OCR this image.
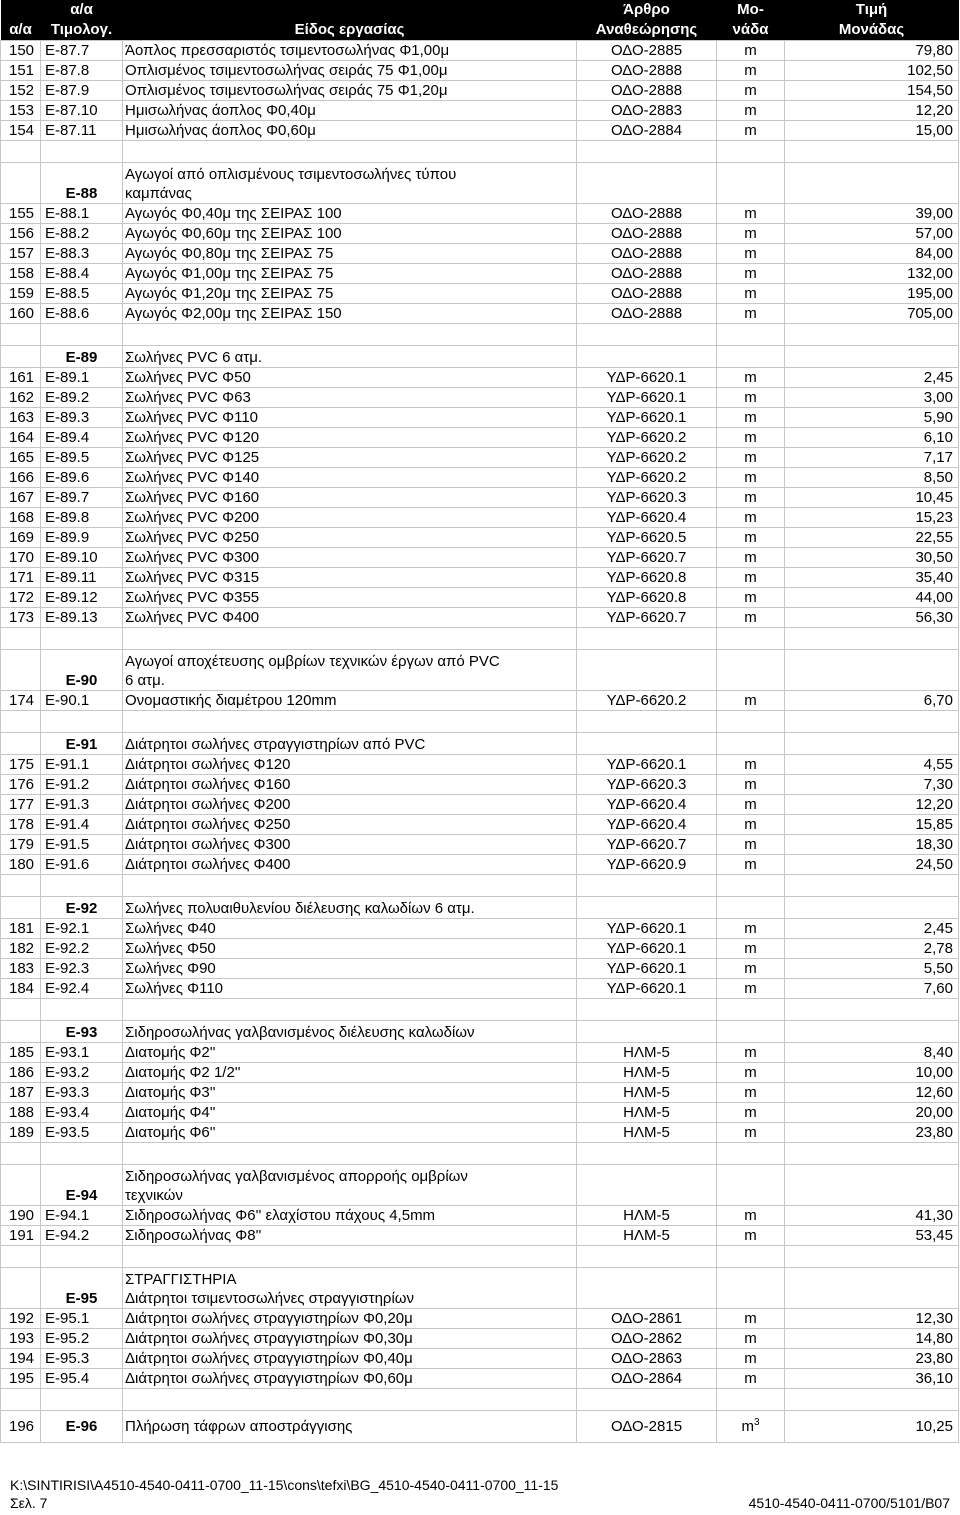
	α/α		Άρθρο	Μο-	Τιμή
α/α	Τιμολογ.	Είδος εργασίας	Αναθεώρησης	νάδα	Μονάδας
150	Ε-87.7	Άοπλος πρεσσαριστός τσιμεντοσωλήνας Φ1,00μ	ΟΔΟ-2885	m	79,80
151	Ε-87.8	Οπλισμένος τσιμεντοσωλήνας σειράς 75 Φ1,00μ	ΟΔΟ-2888	m	102,50
152	Ε-87.9	Οπλισμένος τσιμεντοσωλήνας σειράς 75 Φ1,20μ	ΟΔΟ-2888	m	154,50
153	Ε-87.10	Ημισωλήνας άοπλος Φ0,40μ	ΟΔΟ-2883	m	12,20
154	Ε-87.11	Ημισωλήνας άοπλος Φ0,60μ	ΟΔΟ-2884	m	15,00

	Ε-88	Αγωγοί από οπλισμένους τσιμεντοσωλήνες τύπου
καμπάνας			

155	Ε-88.1	Αγωγός Φ0,40μ της ΣΕΙΡΑΣ 100	ΟΔΟ-2888	m	39,00
156	Ε-88.2	Αγωγός Φ0,60μ της ΣΕΙΡΑΣ 100	ΟΔΟ-2888	m	57,00
157	Ε-88.3	Αγωγός Φ0,80μ της ΣΕΙΡΑΣ 75	ΟΔΟ-2888	m	84,00
158	Ε-88.4	Αγωγός Φ1,00μ της ΣΕΙΡΑΣ 75	ΟΔΟ-2888	m	132,00
159	Ε-88.5	Αγωγός Φ1,20μ της ΣΕΙΡΑΣ 75	ΟΔΟ-2888	m	195,00
160	Ε-88.6	Αγωγός Φ2,00μ της ΣΕΙΡΑΣ 150	ΟΔΟ-2888	m	705,00

	Ε-89	Σωλήνες PVC 6 ατμ.			
161	Ε-89.1	Σωλήνες PVC Φ50	ΥΔΡ-6620.1	m	2,45
162	Ε-89.2	Σωλήνες PVC Φ63	ΥΔΡ-6620.1	m	3,00
163	Ε-89.3	Σωλήνες PVC Φ110	ΥΔΡ-6620.1	m	5,90
164	Ε-89.4	Σωλήνες PVC Φ120	ΥΔΡ-6620.2	m	6,10
165	Ε-89.5	Σωλήνες PVC Φ125	ΥΔΡ-6620.2	m	7,17
166	Ε-89.6	Σωλήνες PVC Φ140	ΥΔΡ-6620.2	m	8,50
167	Ε-89.7	Σωλήνες PVC Φ160	ΥΔΡ-6620.3	m	10,45
168	Ε-89.8	Σωλήνες PVC Φ200	ΥΔΡ-6620.4	m	15,23
169	Ε-89.9	Σωλήνες PVC Φ250	ΥΔΡ-6620.5	m	22,55
170	Ε-89.10	Σωλήνες PVC Φ300	ΥΔΡ-6620.7	m	30,50
171	Ε-89.11	Σωλήνες PVC Φ315	ΥΔΡ-6620.8	m	35,40
172	Ε-89.12	Σωλήνες PVC Φ355	ΥΔΡ-6620.8	m	44,00
173	Ε-89.13	Σωλήνες PVC Φ400	ΥΔΡ-6620.7	m	56,30

	Ε-90	Αγωγοί αποχέτευσης ομβρίων τεχνικών έργων από PVC
6 ατμ.			

174	Ε-90.1	Ονομαστικής διαμέτρου 120mm	ΥΔΡ-6620.2	m	6,70

	Ε-91	Διάτρητοι σωλήνες στραγγιστηρίων από PVC			
175	Ε-91.1	Διάτρητοι σωλήνες Φ120	ΥΔΡ-6620.1	m	4,55
176	Ε-91.2	Διάτρητοι σωλήνες Φ160	ΥΔΡ-6620.3	m	7,30
177	Ε-91.3	Διάτρητοι σωλήνες Φ200	ΥΔΡ-6620.4	m	12,20
178	Ε-91.4	Διάτρητοι σωλήνες Φ250	ΥΔΡ-6620.4	m	15,85
179	Ε-91.5	Διάτρητοι σωλήνες Φ300	ΥΔΡ-6620.7	m	18,30
180	Ε-91.6	Διάτρητοι σωλήνες Φ400	ΥΔΡ-6620.9	m	24,50

	Ε-92	Σωλήνες πολυαιθυλενίου διέλευσης καλωδίων 6 ατμ.			
181	Ε-92.1	Σωλήνες Φ40	ΥΔΡ-6620.1	m	2,45
182	Ε-92.2	Σωλήνες Φ50	ΥΔΡ-6620.1	m	2,78
183	Ε-92.3	Σωλήνες Φ90	ΥΔΡ-6620.1	m	5,50
184	Ε-92.4	Σωλήνες Φ110	ΥΔΡ-6620.1	m	7,60

	Ε-93	Σιδηροσωλήνας γαλβανισμένος διέλευσης καλωδίων			
185	Ε-93.1	Διατομής Φ2''	ΗΛΜ-5	m	8,40
186	Ε-93.2	Διατομής Φ2 1/2''	ΗΛΜ-5	m	10,00
187	Ε-93.3	Διατομής Φ3''	ΗΛΜ-5	m	12,60
188	Ε-93.4	Διατομής Φ4''	ΗΛΜ-5	m	20,00
189	Ε-93.5	Διατομής Φ6''	ΗΛΜ-5	m	23,80

	Ε-94	Σιδηροσωλήνας γαλβανισμένος απορροής ομβρίων
τεχνικών			

190	Ε-94.1	Σιδηροσωλήνας Φ6'' ελαχίστου πάχους 4,5mm	ΗΛΜ-5	m	41,30
191	Ε-94.2	Σιδηροσωλήνας Φ8''	ΗΛΜ-5	m	53,45

	Ε-95	ΣΤΡΑΓΓΙΣΤΗΡΙΑ
Διάτρητοι τσιμεντοσωλήνες στραγγιστηρίων			

192	Ε-95.1	Διάτρητοι σωλήνες στραγγιστηρίων Φ0,20μ	ΟΔΟ-2861	m	12,30
193	Ε-95.2	Διάτρητοι σωλήνες στραγγιστηρίων Φ0,30μ	ΟΔΟ-2862	m	14,80
194	Ε-95.3	Διάτρητοι σωλήνες στραγγιστηρίων Φ0,40μ	ΟΔΟ-2863	m	23,80
195	Ε-95.4	Διάτρητοι σωλήνες στραγγιστηρίων Φ0,60μ	ΟΔΟ-2864	m	36,10

196	Ε-96	Πλήρωση τάφρων αποστράγγισης	ΟΔΟ-2815	$m^3$	10,25
K:\SINTIRISI\A4510-4540-0411-0700_11-15\cons\tefxi\BG_4510-4540-0411-0700_11-15
Σελ. 7	4510-4540-0411-0700/5101/Β07
